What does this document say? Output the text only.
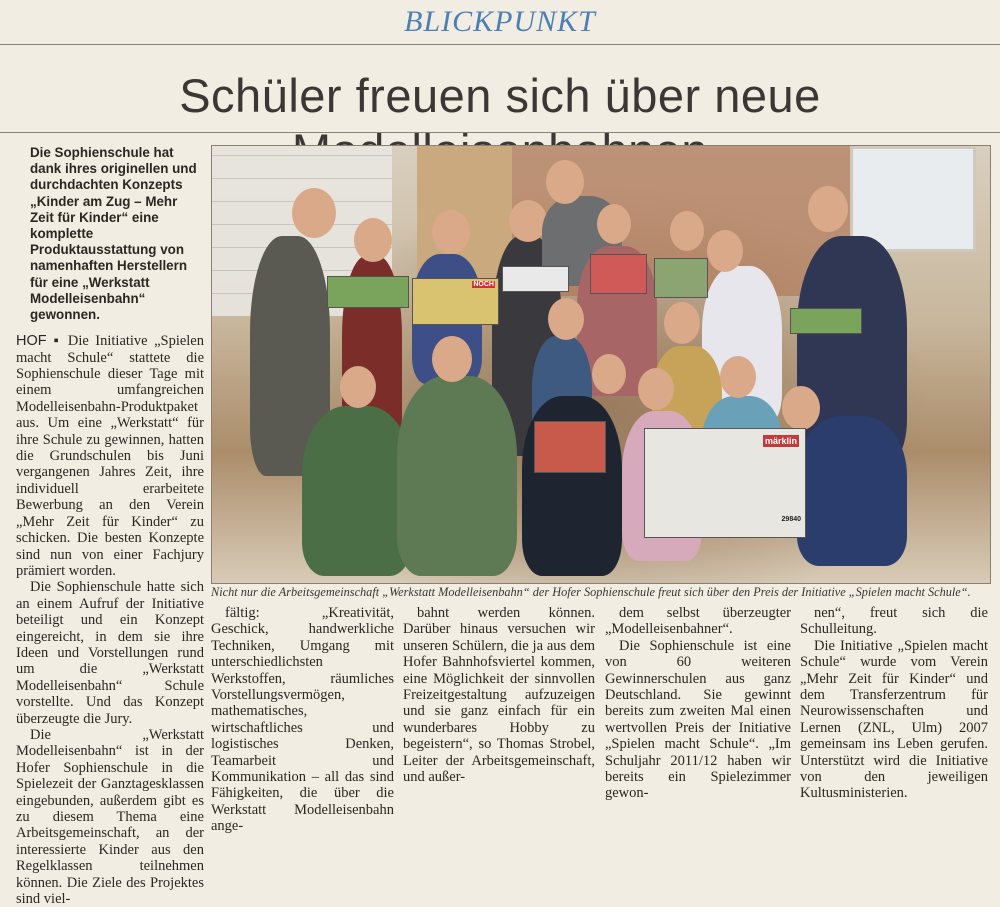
BLICKPUNKT
Schüler freuen sich über neue
Die Sophienschule hat dank ihres originellen und durchdachten Konzepts „Kinder am Zug – Mehr Zeit für Kinder“ eine komplette Produktausstattung von namenhaften Herstellern für eine „Werkstatt Modelleisenbahn“ gewonnen.

HOF ▪ Die Initiative „Spielen macht Schule“ stattete die Sophienschule dieser Tage mit einem umfangreichen Modelleisenbahn-Produktpaket aus. Um eine „Werkstatt“ für ihre Schule zu gewinnen, hatten die Grundschulen bis Juni vergangenen Jahres Zeit, ihre individuell erarbeitete Bewerbung an den Verein „Mehr Zeit für Kinder“ zu schicken. Die besten Konzepte sind nun von einer Fachjury prämiert worden.

Die Sophienschule hatte sich an einem Aufruf der Initiative beteiligt und ein Konzept eingereicht, in dem sie ihre Ideen und Vorstellungen rund um die „Werkstatt Modelleisenbahn“ Schule vorstellte. Und das Konzept überzeugte die Jury.

Die „Werkstatt Modelleisenbahn“ ist in der Hofer Sophienschule in die Spielezeit der Ganztagesklassen eingebunden, außerdem gibt es zu diesem Thema eine Arbeitsgemeinschaft, an der interessierte Kinder aus den Regelklassen teilnehmen können. Die Ziele des Projektes sind viel-

NOCH
märklin
29840
Nicht nur die Arbeitsgemeinschaft „Werkstatt Modelleisenbahn“ der Hofer Sophienschule freut sich über den Preis der Initiative „Spielen macht Schule“.

fältig: „Kreativität, Geschick, handwerkliche Techniken, Umgang mit unterschiedlichsten Werkstoffen, räumliches Vorstellungsvermögen, mathematisches, wirtschaftliches und logistisches Denken, Teamarbeit und Kommunikation – all das sind Fähigkeiten, die über die Werkstatt Modelleisenbahn ange-

bahnt werden können. Darüber hinaus versuchen wir unseren Schülern, die ja aus dem Hofer Bahnhofsviertel kommen, eine Möglichkeit der sinnvollen Freizeitgestaltung aufzuzeigen und sie ganz einfach für ein wunderbares Hobby zu begeistern“, so Thomas Strobel, Leiter der Arbeitsgemeinschaft, und außer-

dem selbst überzeugter „Modelleisenbahner“.

Die Sophienschule ist eine von 60 weiteren Gewinnerschulen aus ganz Deutschland. Sie gewinnt bereits zum zweiten Mal einen wertvollen Preis der Initiative „Spielen macht Schule“. „Im Schuljahr 2011/12 haben wir bereits ein Spielezimmer gewon-

nen“, freut sich die Schulleitung.

Die Initiative „Spielen macht Schule“ wurde vom Verein „Mehr Zeit für Kinder“ und dem Transferzentrum für Neurowissenschaften und Lernen (ZNL, Ulm) 2007 gemeinsam ins Leben gerufen. Unterstützt wird die Initiative von den jeweiligen Kultusministerien.
